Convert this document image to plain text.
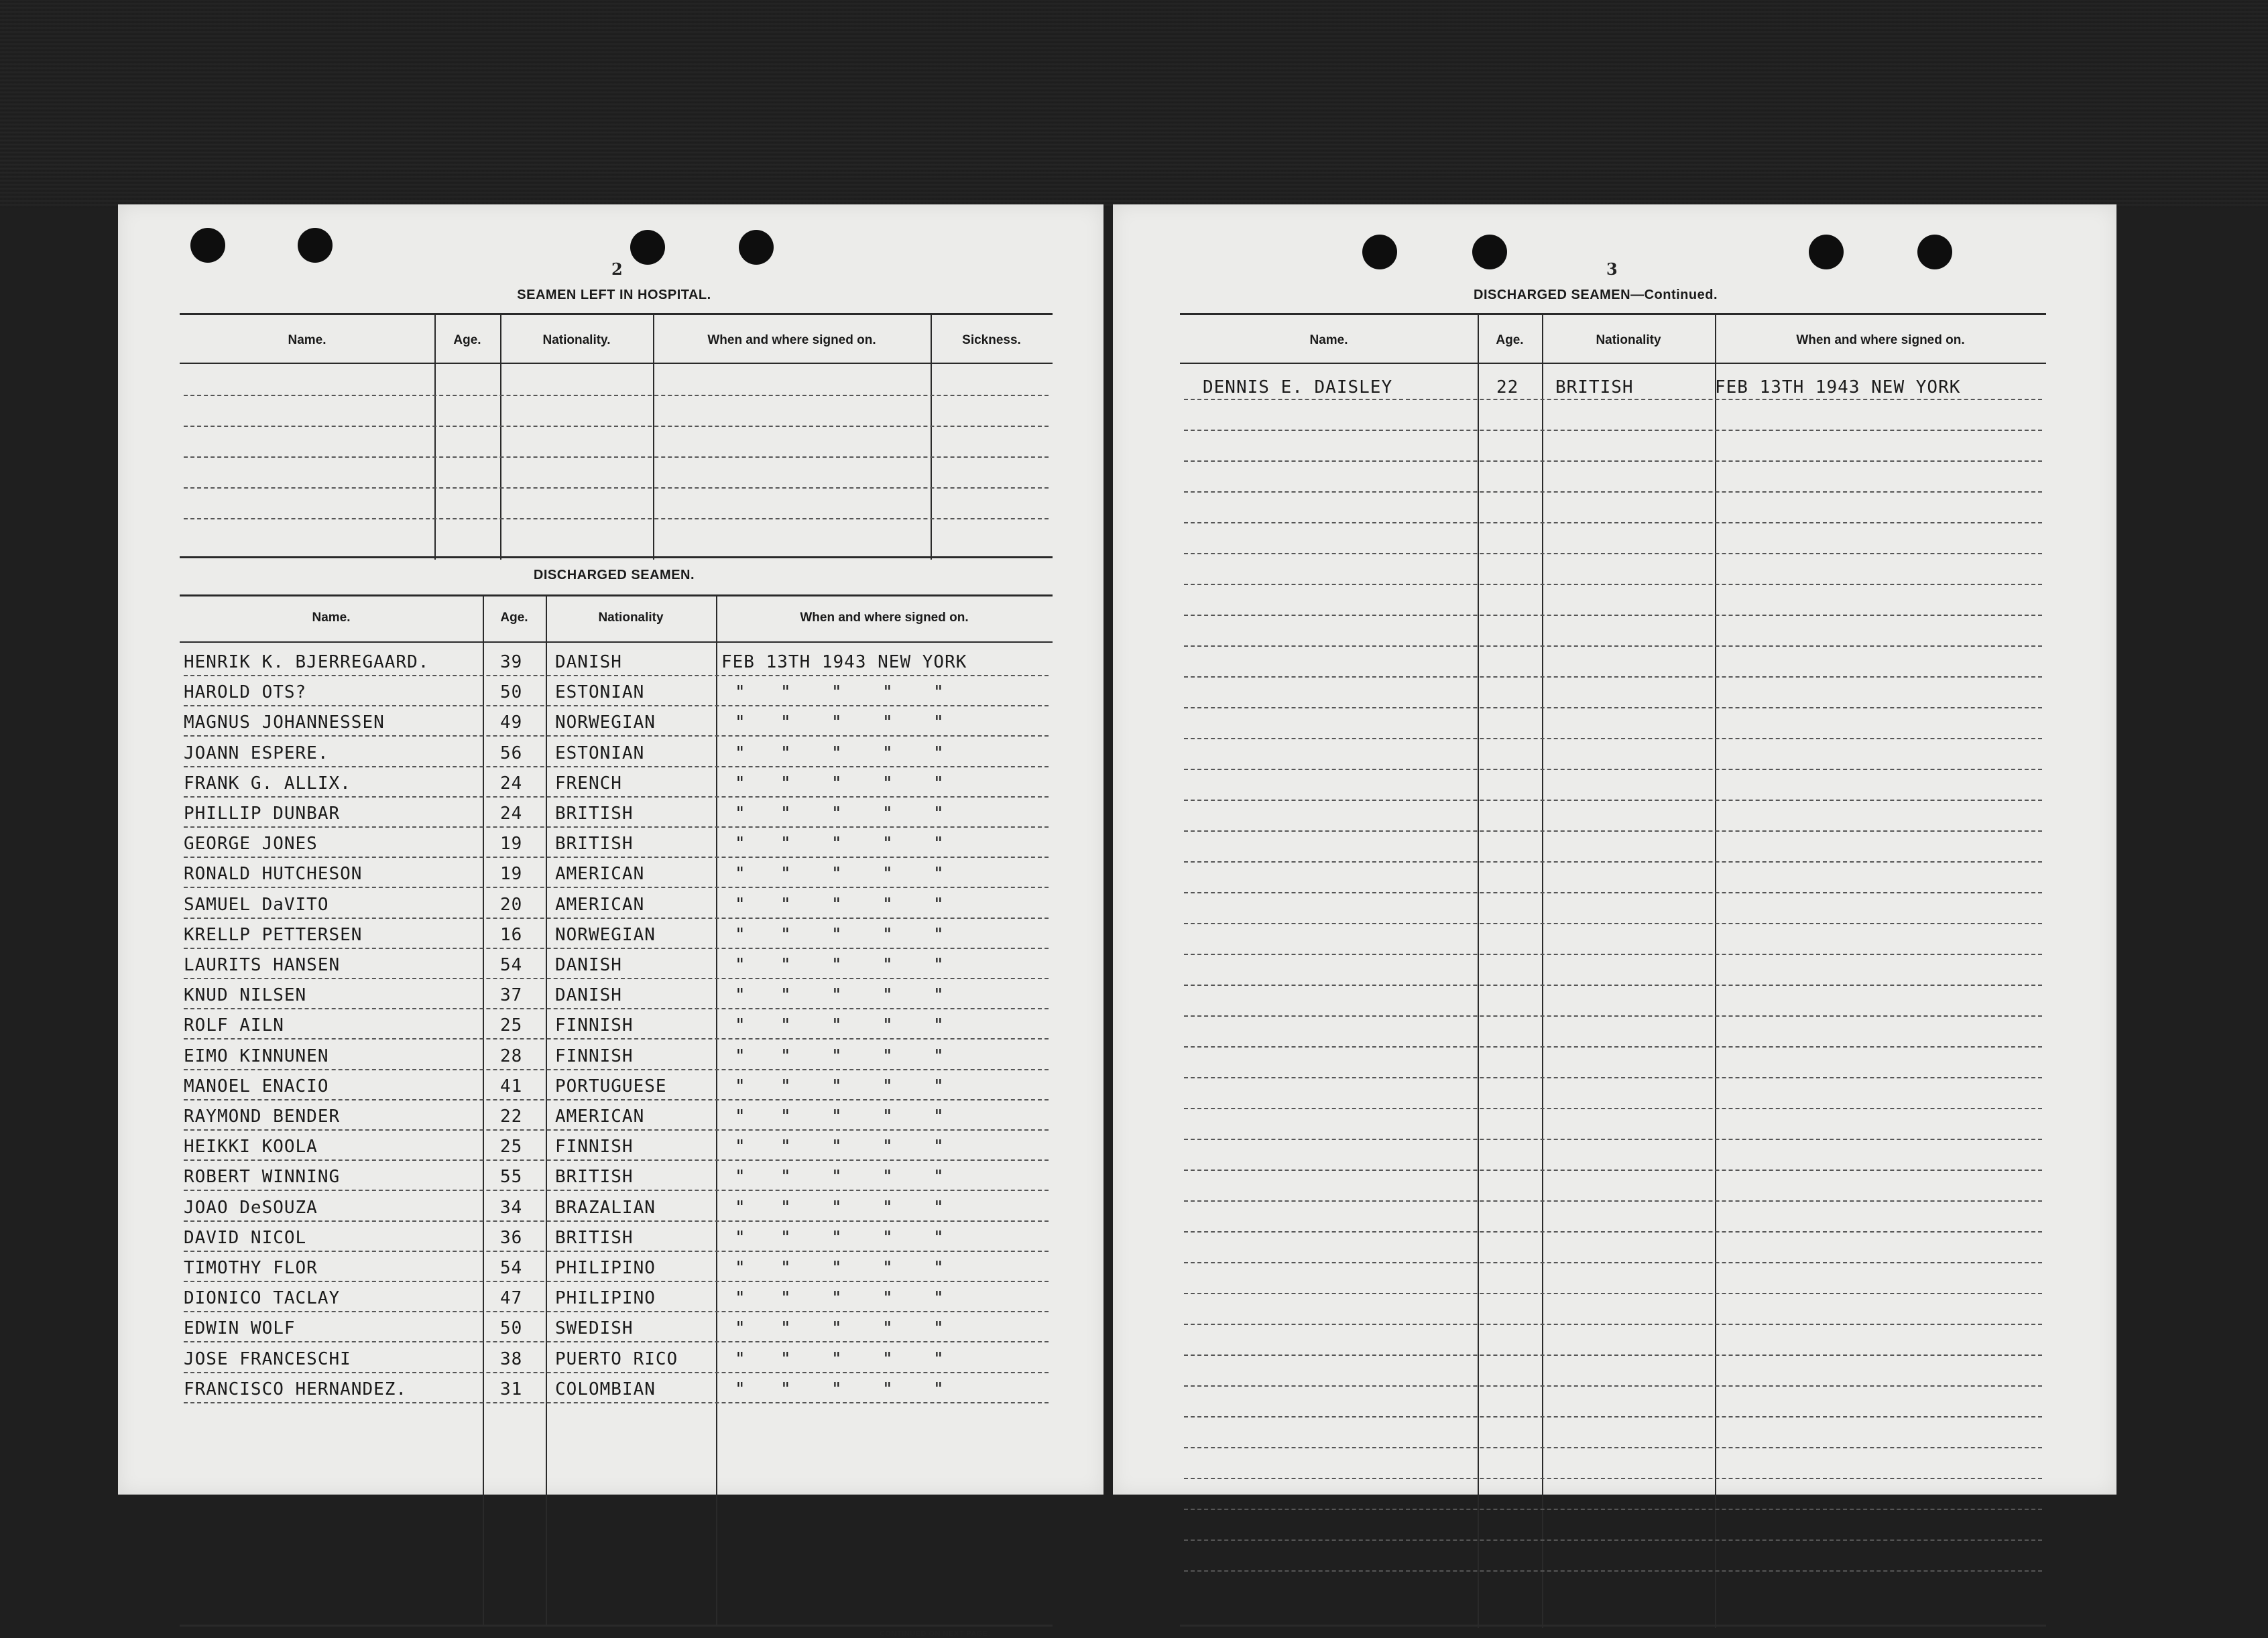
2
SEAMEN LEFT IN HOSPITAL.
Name.	Age.	Nationality.	When and where signed on.	Sickness.
DISCHARGED SEAMEN.
Name.	Age.	Nationality	When and where signed on.
HENRIK K. BJERREGAARD.	39 DANISH	FEB 13TH 1943 NEW YORK
HAROLD OTS?	50 ESTONIAN	" " " " "
MAGNUS JOHANNESSEN	49 NORWEGIAN	" " " " "
JOANN ESPERE.	56 ESTONIAN	" " " " "
FRANK G. ALLIX.	24 FRENCH	" " " " "
PHILLIP DUNBAR	24 BRITISH	" " " " "
GEORGE JONES	19 BRITISH	" " " " "
RONALD HUTCHESON	19 AMERICAN	" " " " "
SAMUEL DaVITO	20 AMERICAN	" " " " "
KRELLP PETTERSEN	16 NORWEGIAN	" " " " "
LAURITS HANSEN	54 DANISH	" " " " "
KNUD NILSEN	37 DANISH	" " " " "
ROLF AILN	25 FINNISH	" " " " "
EIMO KINNUNEN	28 FINNISH	" " " " "
MANOEL ENACIO	41 PORTUGUESE	" " " " "
RAYMOND BENDER	22 AMERICAN	" " " " "
HEIKKI KOOLA	25 FINNISH	" " " " "
ROBERT WINNING	55 BRITISH	" " " " "
JOAO DeSOUZA	34 BRAZALIAN	" " " " "
DAVID NICOL	36 BRITISH	" " " " "
TIMOTHY FLOR	54 PHILIPINO	" " " " "
DIONICO TACLAY	47 PHILIPINO	" " " " "
EDWIN WOLF	50 SWEDISH	" " " " "
JOSE FRANCESCHI	38 PUERTO RICO	" " " " "
FRANCISCO HERNANDEZ.	31 COLOMBIAN	" " " " "
CONTINUED ON NEXT PAGE.
3
DISCHARGED SEAMEN—Continued.
Name.	Age.	Nationality	When and where signed on.
DENNIS E. DAISLEY	22 BRITISH	FEB 13TH 1943 NEW YORK
